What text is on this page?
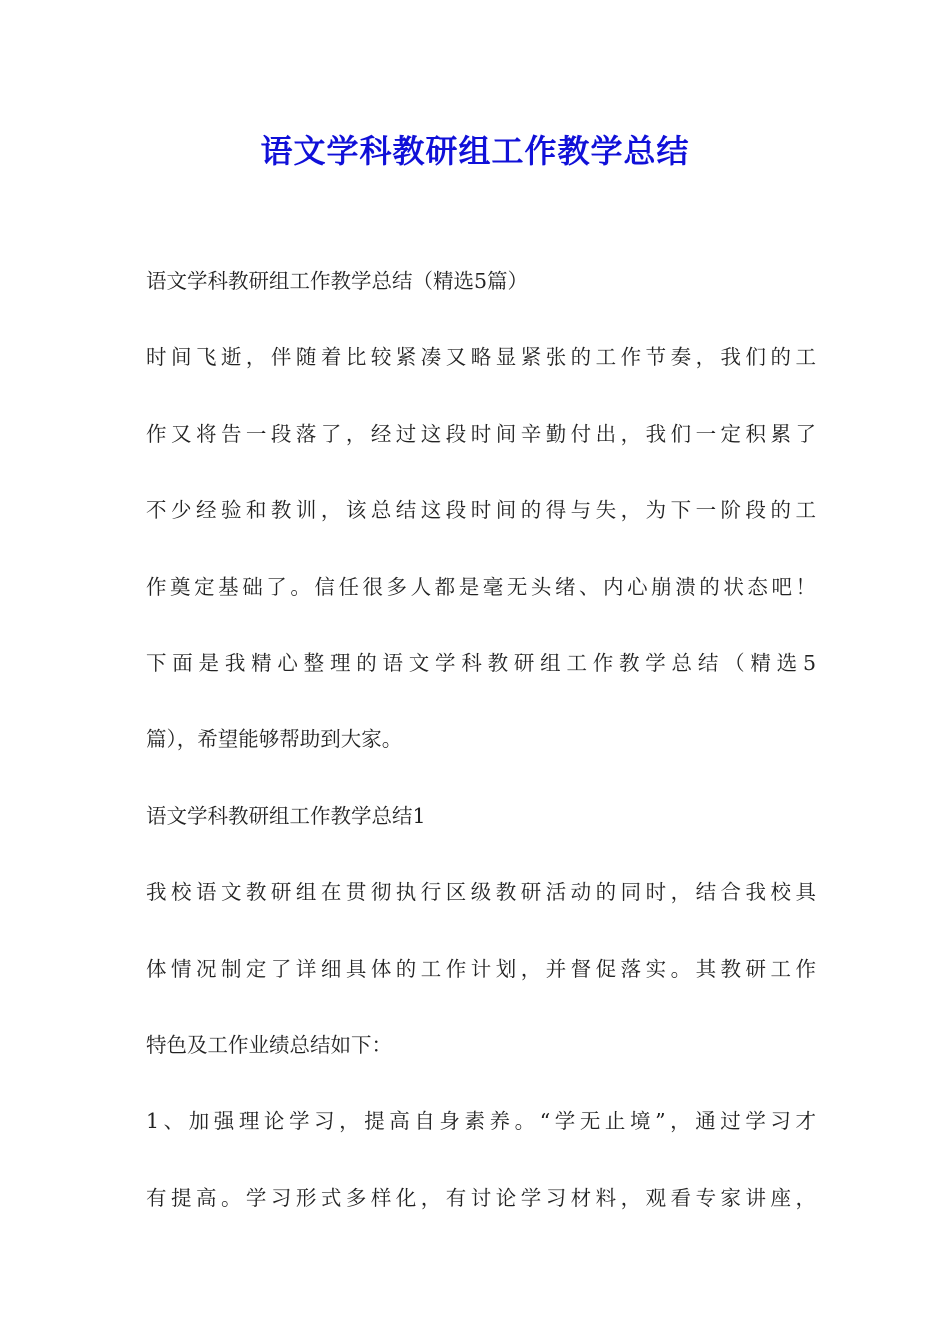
语文学科教研组工作教学总结
语文学科教研组工作教学总结（精选5篇）
时间飞逝，伴随着比较紧凑又略显紧张的工作节奏，我们的工
作又将告一段落了，经过这段时间辛勤付出，我们一定积累了
不少经验和教训，该总结这段时间的得与失，为下一阶段的工
作奠定基础了。信任很多人都是毫无头绪、内心崩溃的状态吧！
下面是我精心整理的语文学科教研组工作教学总结（精选5
篇），希望能够帮助到大家。
语文学科教研组工作教学总结1
我校语文教研组在贯彻执行区级教研活动的同时，结合我校具
体情况制定了详细具体的工作计划，并督促落实。其教研工作
特色及工作业绩总结如下：
1、加强理论学习，提高自身素养。“学无止境”，通过学习才
有提高。学习形式多样化，有讨论学习材料，观看专家讲座，
